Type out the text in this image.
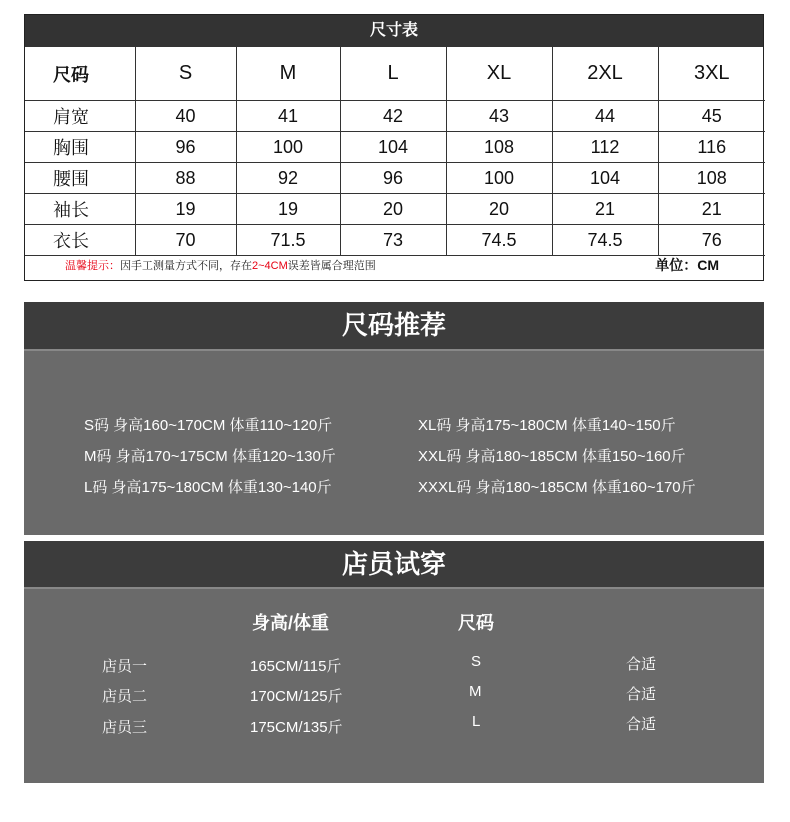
尺寸表
尺码	S	M	L	XL	2XL	3XL
肩宽	40	41	42	43	44	45
胸围	96	100	104	108	112	116
腰围	88	92	96	100	104	108
袖长	19	19	20	20	21	21
衣长	70	71.5	73	74.5	74.5	76
温馨提示：因手工测量方式不同，存在2~4CM误差皆属合理范围	单位：CM
尺码推荐
S码 身高160~170CM 体重110~120斤
M码 身高170~175CM 体重120~130斤
L码 身高175~180CM 体重130~140斤
XL码 身高175~180CM 体重140~150斤
XXL码 身高180~185CM 体重150~160斤
XXXL码 身高180~185CM 体重160~170斤
店员试穿
身高/体重	尺码
店员一	165CM/115斤	S	合适
店员二	170CM/125斤	M	合适
店员三	175CM/135斤	L	合适
